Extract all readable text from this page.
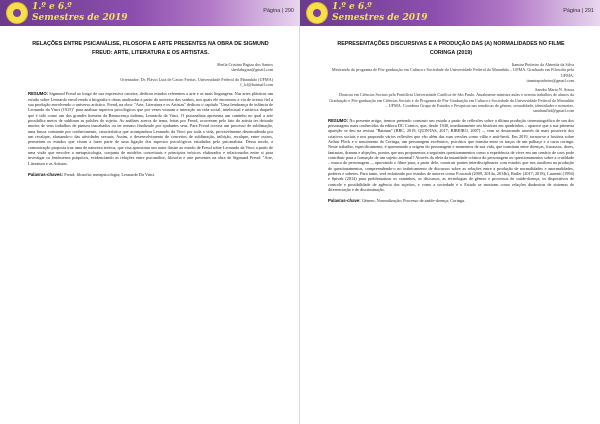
1.º e 6.º
Semestres de 2019
Página | 290
RELAÇÕES ENTRE PSICANÁLISE, FILOSOFIA E ARTE PRESENTES NA OBRA DE SIGMUND FREUD: ARTE, LITERATURA E OS ARTISTAS.
Sheila Cristina Brgiza dos Santos
sheilabrgiza@gmail.com
Orientador: Dr. Flávio Luiz de Castro Freitas. Universidade Federal do Maranhão (UFMA)
f_lcf@hotmail.com

RESUMO: Sigmund Freud ao longo de sua expressiva carreira, dedicou estudos referentes a arte e as mais linguagens. Nas artes plásticas um estudo sobre Leonardo envolvendo a biografia e obras analisadas a partir do universo dos sonhos, nos quais ele encontrou a via de acesso fiel a sua produção envolvendo o universo artístico. Freud, na obra: "Arte, Literatura e os Artistas" dedicou o capítulo "Uma lembrança de infância de Leonardo da Vinci (1915)" para analisar aspectos psicológicos que por vezes vitaram a interação na vida social, intelectual e artística daquele que é tido como um dos grandes homens da Renascença italiana, Leonardo da Vinci. O psicanalista apresenta um caminho no qual a arte possibilita meios de sublimar as pulsões do sujeito. As análises acerca do tema, feitas por Freud, ocorreram pelo fato do artista ter deixado muitos de seus trabalhos de pintura inacabados ou ter mesmo finalizado por ajudantes seus. Para Freud ocorria um processo de sublimação, uma busca constante por conhecimento, característica que acompanhou Leonardo da Vinci por toda a vida, provavelmente desencadeada por um recalque, afastando-o das atividades sexuais. Assim, o desenvolvimento de conceitos de sublimação, inibição, recalque, entre outros, permeiam os estudos que visam a fazer parte de uma ligação dos aspectos psicológicos estudados pelo psicanalista. Dessa modo, a comunicação proposta traz uma de natureza teórica, que visa aproximar um autor ilustre ao estudo de Freud sobre Leonardo da Vinci a partir de uma visão que envolve a metapsicologia, conjunto de modelos conceituais e princípios teóricos elaborados e relacionados entre si para investigar os fenômenos psíquicos, evidenciando as relações entre psicanálise, filosofia e arte presentes na obra de Sigmund Freud: "Arte, Literatura e os Artistas.

Palavras-chaves: Freud; filosofia; metapsicologia; Leonardo Da Vinci.

1.º e 6.º
Semestres de 2019
Página | 291
REPRESENTAÇÕES DISCURSIVAS E A PRODUÇÃO DAS (A) NORMALIDADES NO FILME CORINGA (2019)
Itamira Pinheiro da Almeida da Silva
Mestrando do programa de Pós-graduação em Cultura e Sociedade da Universidade Federal do Maranhão – UFMA. Graduado em Filosofia pela UFMA.
itamirapinheiro@gmail.com
Sandra Maria N. Sousa
Doutora em Ciências Sociais pela Pontifícia Universidade Católica de São Paulo. Atualmente ministra aulas e orienta trabalhos de alunos da Graduação e Pós-graduação em Ciências Sociais e do Programa de Pós-Graduação em Cultura e Sociedade da Universidade Federal do Maranhão – UFMA. Coordena Grupo de Estudos e Pesquisas nas temáticas de gênero, sexualidade, identidades e minorias.
sandranflsd@gmail.com

RESUMO: No presente artigo, iremos pretendo construir um estudo a partir de reflexões sobre a última produção cinematográfica de um dos personagens mais conhecidos da editora DC Comics, que, desde 1940, imediatamente em histórias em quadrinhos – aparece que a sua primeira aparição se deu na revista "Batman" (BBC, 2019; QUINTAS, 2017; RIBEIRO, 2007) –, vem se destacando através da mais possíveis dos criativos sociais e nos propondo vários reflexões que vão além das suas versões como vilão e anti-herói. Em 2019, tornou-se a história sobre Arthur Fleck e o nascimento do Coringa, um personagem excêntrico, psicótico que transita entre os traços de um palhaço e a carta coringa. Neste trabalho, especificamente, é apresentado a origem do personagem e momentos de sua vida, que transitam entre doenças, fracassos, dores, fantasias, dramas e abjeções, pontos que nos propusemos a seguintes questionamentos como a experiência de viver em um cenário de caos pode contribuir para a formação de um sujeito anormal? Através da ideia da insanidade crônica do personagem ou questionamentos sobre a crueldade – marca do personagem –, aprovando o filme para, a partir dele, construir pontes interdisciplinares com estudos que nos auxiliem na produção de questionamentos, compreendendo-o no imbricamento de discursos sobre as relações entre a produção de normalidades e anormalidades, poderes e saberes. Para tanto, será enfatizado por estudos de autores como Foucault (2009, 2014a, 2014b), Butler (2017; 2018), Laurenti (1994) e Spivak (2014) para problematizar os caminhos, os discursos, as tecnologias de gênero e processos de saúde-doença, os dispositivos de controle e possibilidade de agência dos sujeitos, e como a sociedade e o Estado se mostram como relações dinâmicas de sistemas de diferenciação e de discriminação.

Palavras-chave: Gênero; Normalização; Processo de saúde-doença; Coringa.
